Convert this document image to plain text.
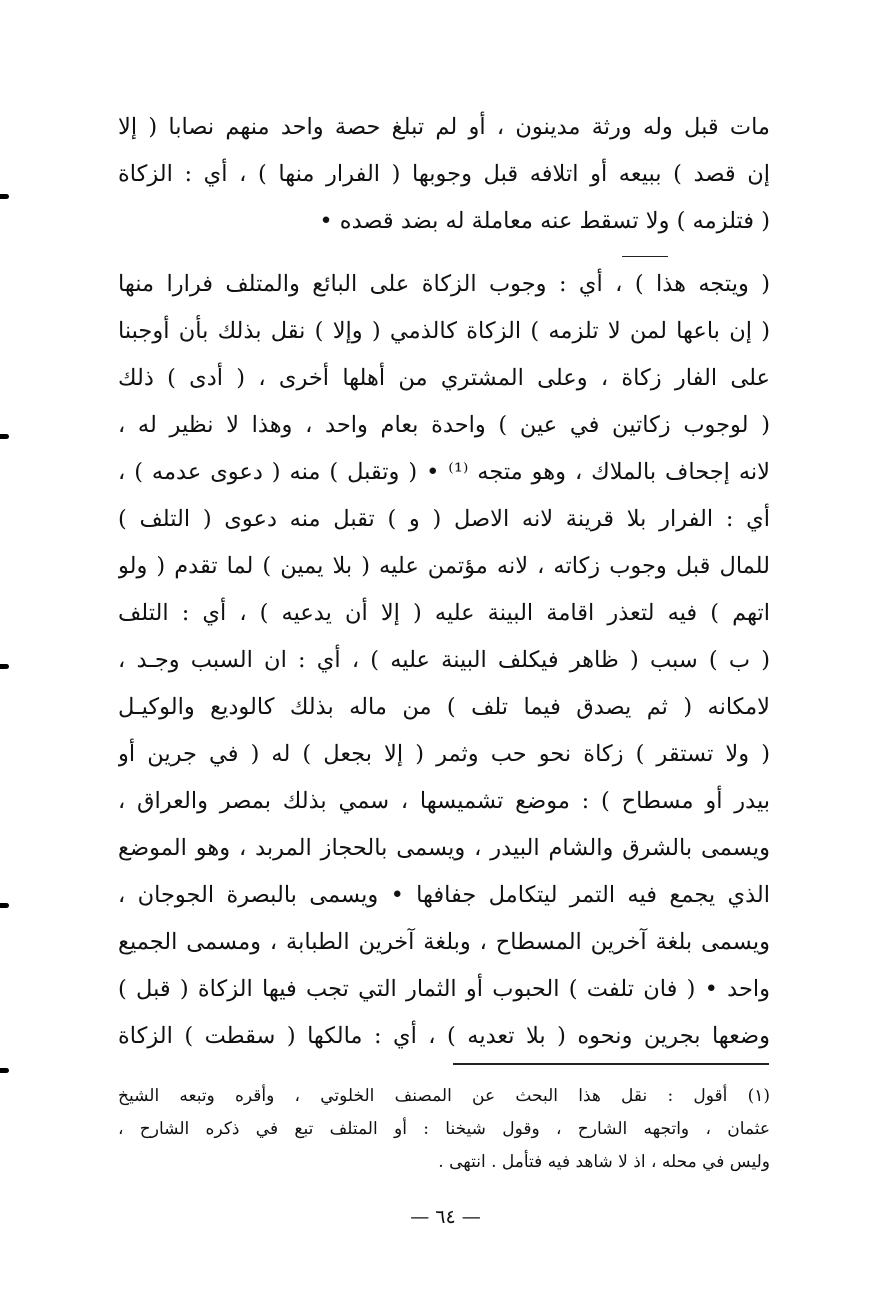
مات قبل وله ورثة مدينون ، أو لم تبلغ حصة واحد منهم نصابا ( إلا
إن قصد ) ببيعه أو اتلافه قبل وجوبها ( الفرار منها ) ، أي : الزكاة
( فتلزمه ) ولا تسقط عنه معاملة له بضد قصده •
( ويتجه هذا ) ، أي : وجوب الزكاة على البائع والمتلف فرارا منها
( إن باعها لمن لا تلزمه ) الزكاة كالذمي ( وإلا ) نقل بذلك بأن أوجبنا
على الفار زكاة ، وعلى المشتري من أهلها أخرى ، ( أدى ) ذلك
( لوجوب زكاتين في عين ) واحدة بعام واحد ، وهذا لا نظير له ،
لانه إجحاف بالملاك ، وهو متجه ⁽¹⁾ • ( وتقبل ) منه ( دعوى عدمه ) ،
أي : الفرار بلا قرينة لانه الاصل ( و ) تقبل منه دعوى ( التلف )
للمال قبل وجوب زكاته ، لانه مؤتمن عليه ( بلا يمين ) لما تقدم ( ولو
اتهم ) فيه لتعذر اقامة البينة عليه ( إلا أن يدعيه ) ، أي : التلف
( ب ) سبب ( ظاهر فيكلف البينة عليه ) ، أي : ان السبب وجـد ،
لامكانه ( ثم يصدق فيما تلف ) من ماله بذلك كالوديع والوكيـل
( ولا تستقر ) زكاة نحو حب وثمر ( إلا بجعل ) له ( في جرين أو
بيدر أو مسطاح ) : موضع تشميسها ، سمي بذلك بمصر والعراق ،
ويسمى بالشرق والشام البيدر ، ويسمى بالحجاز المربد ، وهو الموضع
الذي يجمع فيه التمر ليتكامل جفافها • ويسمى بالبصرة الجوجان ،
ويسمى بلغة آخرين المسطاح ، وبلغة آخرين الطبابة ، ومسمى الجميع
واحد • ( فان تلفت ) الحبوب أو الثمار التي تجب فيها الزكاة ( قبل )
وضعها بجرين ونحوه ( بلا تعديه ) ، أي : مالكها ( سقطت ) الزكاة
(١) أقول : نقل هذا البحث عن المصنف الخلوتي ، وأقره وتبعه الشيخ
عثمان ، واتجهه الشارح ، وقول شيخنا : أو المتلف تبع في ذكره الشارح ،
وليس في محله ، اذ لا شاهد فيه فتأمل . انتهى .
— ٦٤ —
